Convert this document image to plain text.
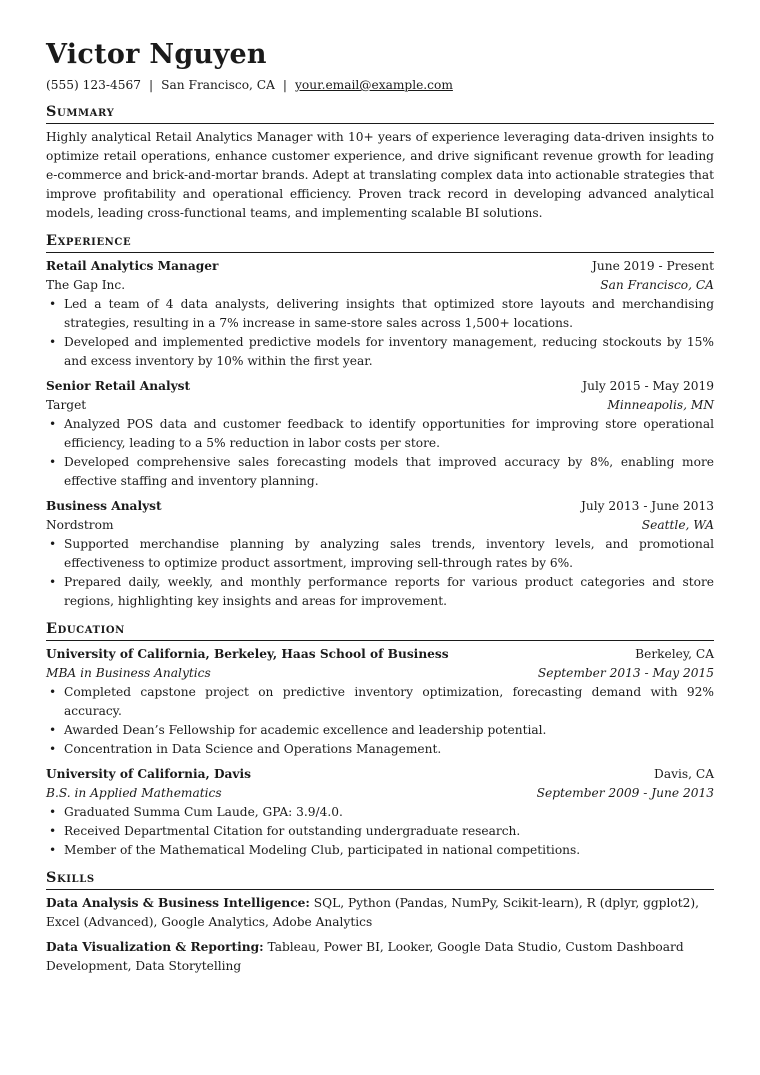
Victor Nguyen
(555) 123-4567 | San Francisco, CA | your.email@example.com
Summary

Highly analytical Retail Analytics Manager with 10+ years of experience leveraging data-driven insights to optimize retail operations, enhance customer experience, and drive significant revenue growth for leading e-commerce and brick-and-mortar brands. Adept at translating complex data into actionable strategies that improve profitability and operational efficiency. Proven track record in developing advanced analytical models, leading cross-functional teams, and implementing scalable BI solutions.

Experience
Retail Analytics Manager	June 2019 - Present
The Gap Inc.	San Francisco, CA
• Led a team of 4 data analysts, delivering insights that optimized store layouts and merchandising strategies, resulting in a 7% increase in same-store sales across 1,500+ locations.
• Developed and implemented predictive models for inventory management, reducing stockouts by 15% and excess inventory by 10% within the first year.
Senior Retail Analyst	July 2015 - May 2019
Target	Minneapolis, MN
• Analyzed POS data and customer feedback to identify opportunities for improving store operational efficiency, leading to a 5% reduction in labor costs per store.
• Developed comprehensive sales forecasting models that improved accuracy by 8%, enabling more effective staffing and inventory planning.
Business Analyst	July 2013 - June 2013
Nordstrom	Seattle, WA
• Supported merchandise planning by analyzing sales trends, inventory levels, and promotional effectiveness to optimize product assortment, improving sell-through rates by 6%.
• Prepared daily, weekly, and monthly performance reports for various product categories and store regions, highlighting key insights and areas for improvement.
Education
University of California, Berkeley, Haas School of Business	Berkeley, CA
MBA in Business Analytics	September 2013 - May 2015
• Completed capstone project on predictive inventory optimization, forecasting demand with 92% accuracy.
• Awarded Dean’s Fellowship for academic excellence and leadership potential.
• Concentration in Data Science and Operations Management.
University of California, Davis	Davis, CA
B.S. in Applied Mathematics	September 2009 - June 2013
• Graduated Summa Cum Laude, GPA: 3.9/4.0.
• Received Departmental Citation for outstanding undergraduate research.
• Member of the Mathematical Modeling Club, participated in national competitions.
Skills
Data Analysis & Business Intelligence: SQL, Python (Pandas, NumPy, Scikit-learn), R (dplyr, ggplot2), Excel (Advanced), Google Analytics, Adobe Analytics
Data Visualization & Reporting: Tableau, Power BI, Looker, Google Data Studio, Custom Dashboard Development, Data Storytelling
